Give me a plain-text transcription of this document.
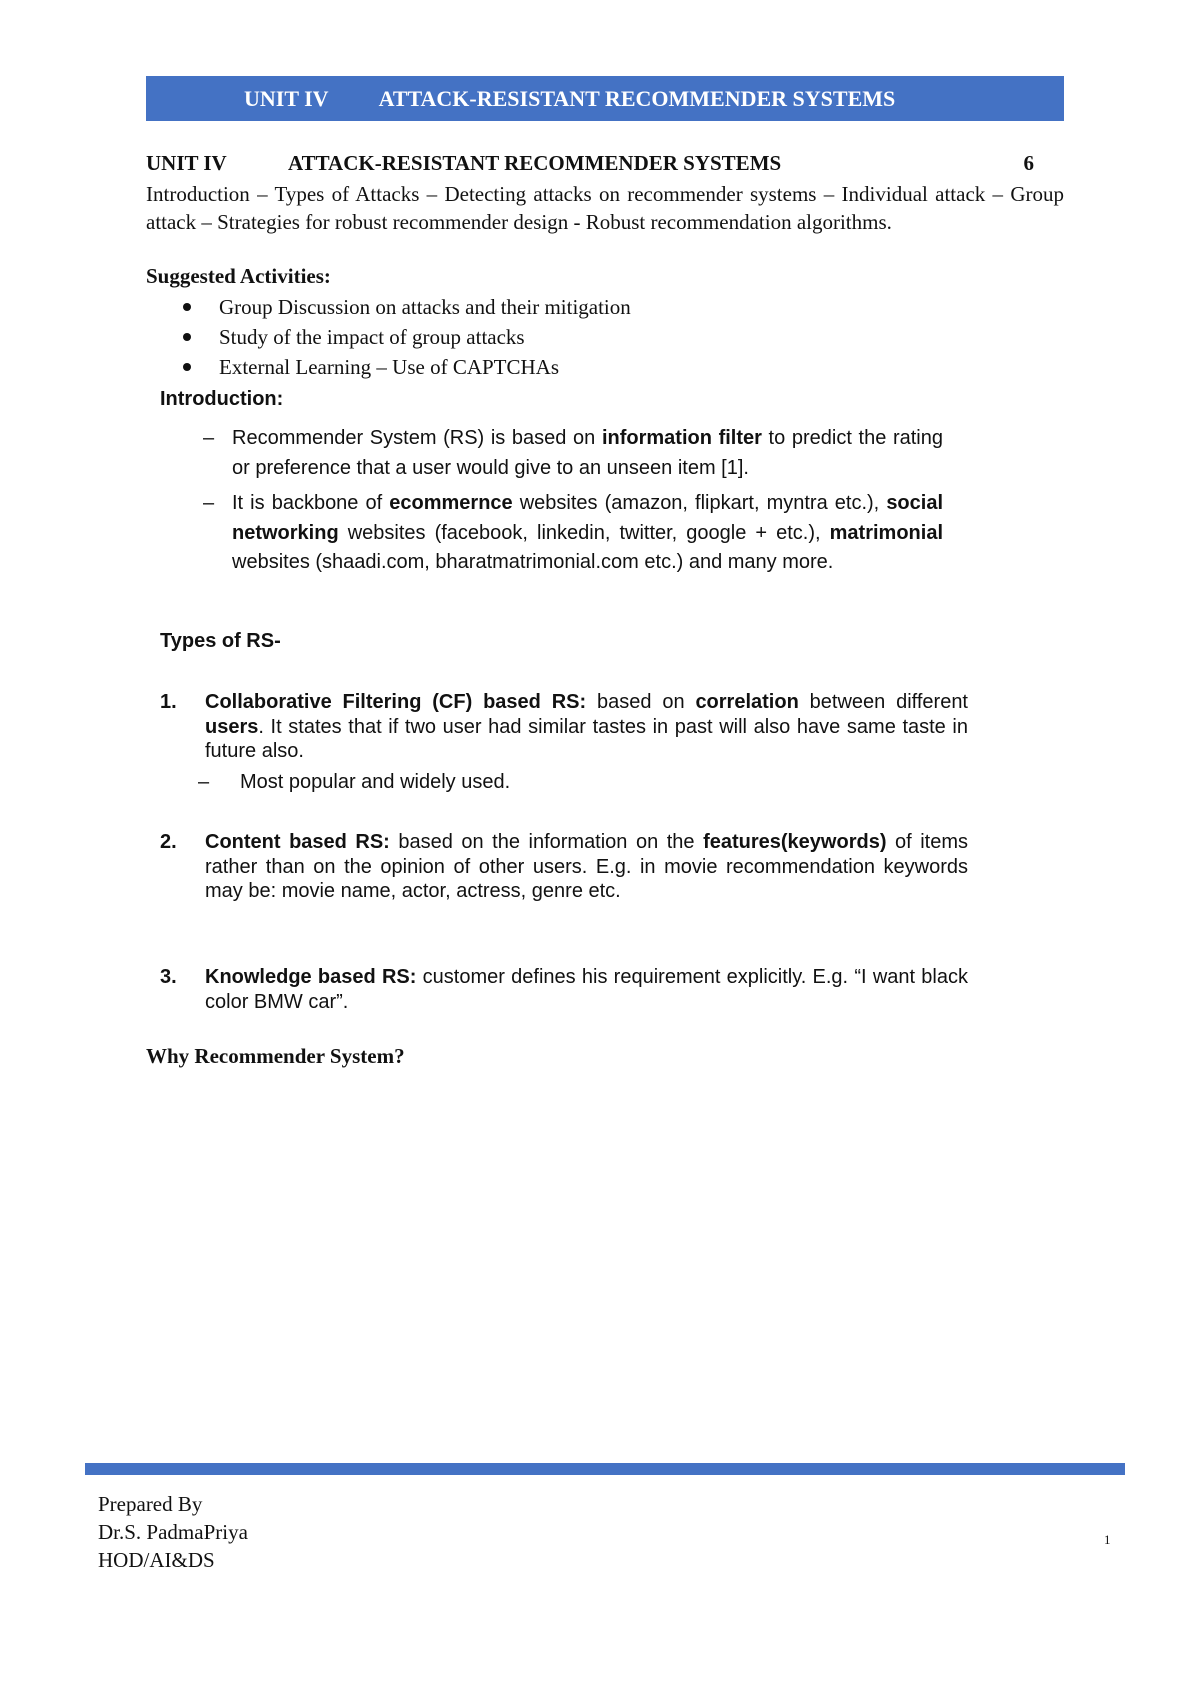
UNIT IV ATTACK-RESISTANT RECOMMENDER SYSTEMS
UNIT IV	ATTACK-RESISTANT RECOMMENDER SYSTEMS	6
Introduction – Types of Attacks – Detecting attacks on recommender systems – Individual attack – Group attack – Strategies for robust recommender design - Robust recommendation algorithms.
Suggested Activities:
Group Discussion on attacks and their mitigation
Study of the impact of group attacks
External Learning – Use of CAPTCHAs
Introduction:
– Recommender System (RS) is based on information filter to predict the rating or preference that a user would give to an unseen item [1].
– It is backbone of ecommernce websites (amazon, flipkart, myntra etc.), social networking websites (facebook, linkedin, twitter, google + etc.), matrimonial websites (shaadi.com, bharatmatrimonial.com etc.) and many more.
Types of RS-
1. Collaborative Filtering (CF) based RS: based on correlation between different users. It states that if two user had similar tastes in past will also have same taste in future also.
– Most popular and widely used.
2. Content based RS: based on the information on the features(keywords) of items rather than on the opinion of other users. E.g. in movie recommendation keywords may be: movie name, actor, actress, genre etc.
3. Knowledge based RS: customer defines his requirement explicitly. E.g. “I want black color BMW car”.
Why Recommender System?
Prepared By
Dr.S. PadmaPriya
HOD/AI&DS
1
